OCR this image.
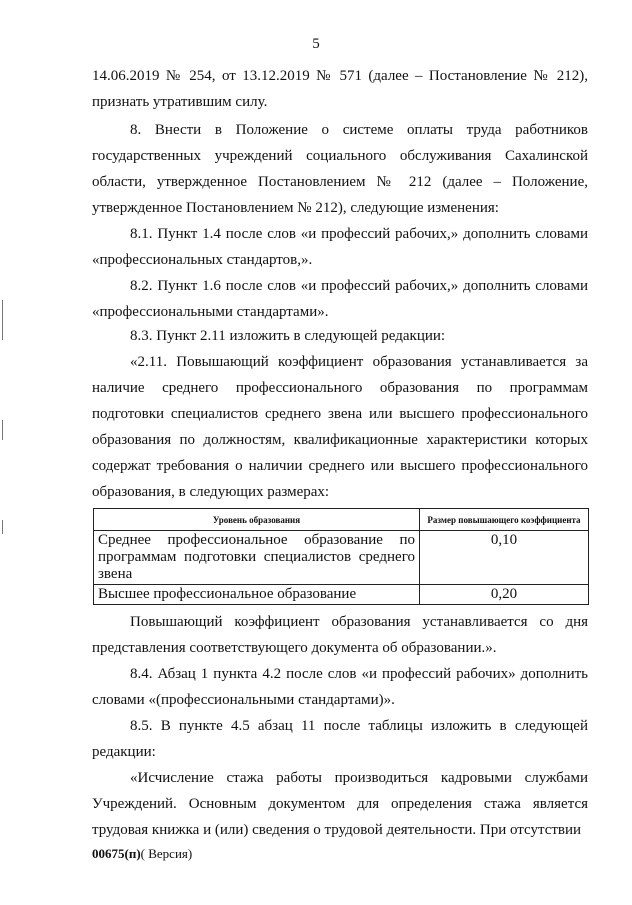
5

14.06.2019 № 254, от 13.12.2019 № 571 (далее – Постановление № 212), признать утратившим силу.

8. Внести в Положение о системе оплаты труда работников государственных учреждений социального обслуживания Сахалинской области, утвержденное Постановлением № 212 (далее – Положение, утвержденное Постановлением № 212), следующие изменения:

8.1. Пункт 1.4 после слов «и профессий рабочих,» дополнить словами «профессиональных стандартов,».

8.2. Пункт 1.6 после слов «и профессий рабочих,» дополнить словами «профессиональными стандартами».

8.3. Пункт 2.11 изложить в следующей редакции:

«2.11. Повышающий коэффициент образования устанавливается за наличие среднего профессионального образования по программам подготовки специалистов среднего звена или высшего профессионального образования по должностям, квалификационные характеристики которых содержат требования о наличии среднего или высшего профессионального образования, в следующих размерах:

Уровень образования	Размер повышающего коэффициента
Среднее профессиональное образование по программам подготовки специалистов среднего звена	0,10
Высшее профессиональное образование	0,20

Повышающий коэффициент образования устанавливается со дня представления соответствующего документа об образовании.».

8.4. Абзац 1 пункта 4.2 после слов «и профессий рабочих» дополнить словами «(профессиональными стандартами)».

8.5. В пункте 4.5 абзац 11 после таблицы изложить в следующей редакции:

«Исчисление стажа работы производиться кадровыми службами Учреждений. Основным документом для определения стажа является трудовая книжка и (или) сведения о трудовой деятельности. При отсутствии

00675(п)( Версия)
